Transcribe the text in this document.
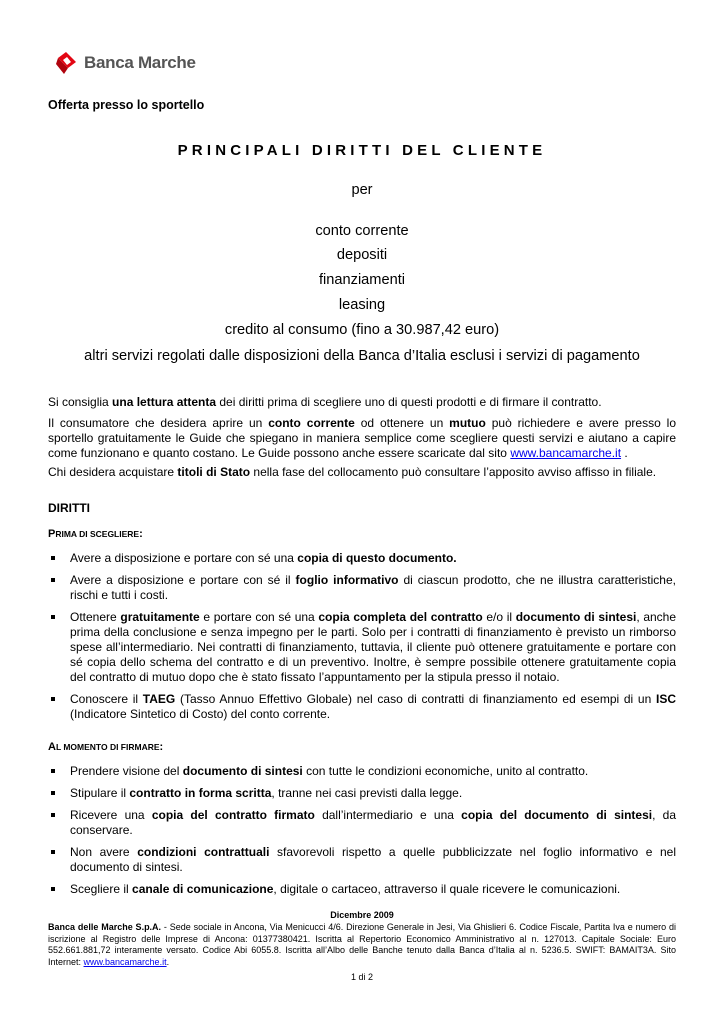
Banca Marche
Offerta presso lo sportello
PRINCIPALI DIRITTI DEL CLIENTE
per
conto corrente
depositi
finanziamenti
leasing
credito al consumo (fino a 30.987,42 euro)
altri servizi regolati dalle disposizioni della Banca d’Italia esclusi i servizi di pagamento
Si consiglia una lettura attenta dei diritti prima di scegliere uno di questi prodotti e di firmare il contratto.
Il consumatore che desidera aprire un conto corrente od ottenere un mutuo può richiedere e avere presso lo sportello gratuitamente le Guide che spiegano in maniera semplice come scegliere questi servizi e aiutano a capire come funzionano e quanto costano. Le Guide possono anche essere scaricate dal sito www.bancamarche.it .
Chi desidera acquistare titoli di Stato nella fase del collocamento può consultare l’apposito avviso affisso in filiale.
DIRITTI
PRIMA DI SCEGLIERE:
Avere a disposizione e portare con sé una copia di questo documento.
Avere a disposizione e portare con sé il foglio informativo di ciascun prodotto, che ne illustra caratteristiche, rischi e tutti i costi.
Ottenere gratuitamente e portare con sé una copia completa del contratto e/o il documento di sintesi, anche prima della conclusione e senza impegno per le parti. Solo per i contratti di finanziamento è previsto un rimborso spese all’intermediario. Nei contratti di finanziamento, tuttavia, il cliente può ottenere gratuitamente e portare con sé copia dello schema del contratto e di un preventivo. Inoltre, è sempre possibile ottenere gratuitamente copia del contratto di mutuo dopo che è stato fissato l’appuntamento per la stipula presso il notaio.
Conoscere il TAEG (Tasso Annuo Effettivo Globale) nel caso di contratti di finanziamento ed esempi di un ISC (Indicatore Sintetico di Costo) del conto corrente.
AL MOMENTO DI FIRMARE:
Prendere visione del documento di sintesi con tutte le condizioni economiche, unito al contratto.
Stipulare il contratto in forma scritta, tranne nei casi previsti dalla legge.
Ricevere una copia del contratto firmato dall’intermediario e una copia del documento di sintesi, da conservare.
Non avere condizioni contrattuali sfavorevoli rispetto a quelle pubblicizzate nel foglio informativo e nel documento di sintesi.
Scegliere il canale di comunicazione, digitale o cartaceo, attraverso il quale ricevere le comunicazioni.
Dicembre 2009
Banca delle Marche S.p.A. - Sede sociale in Ancona, Via Menicucci 4/6. Direzione Generale in Jesi, Via Ghislieri 6. Codice Fiscale, Partita Iva e numero di iscrizione al Registro delle Imprese di Ancona: 01377380421. Iscritta al Repertorio Economico Amministrativo al n. 127013. Capitale Sociale: Euro 552.661.881,72 interamente versato. Codice Abi 6055.8. Iscritta all’Albo delle Banche tenuto dalla Banca d’Italia al n. 5236.5. SWIFT: BAMAIT3A. Sito Internet: www.bancamarche.it.
1 di 2
